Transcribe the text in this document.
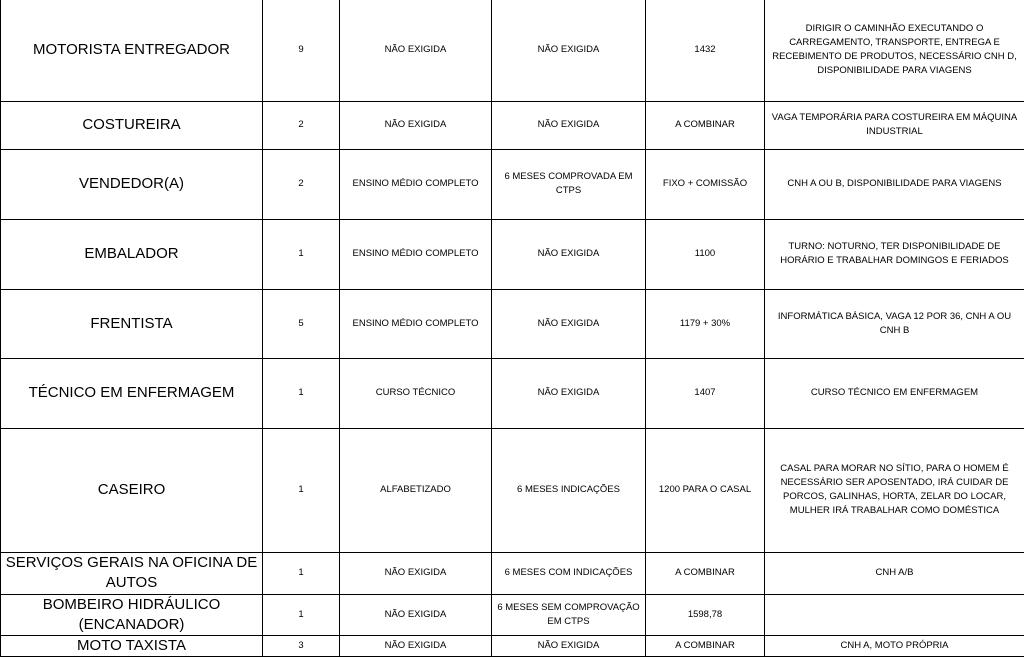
MOTORISTA ENTREGADOR	9	NÃO EXIGIDA	NÃO EXIGIDA	1432	DIRIGIR O CAMINHÃO EXECUTANDO O CARREGAMENTO, TRANSPORTE, ENTREGA E RECEBIMENTO DE PRODUTOS, NECESSÁRIO CNH D, DISPONIBILIDADE PARA VIAGENS
COSTUREIRA	2	NÃO EXIGIDA	NÃO EXIGIDA	A COMBINAR	VAGA TEMPORÁRIA PARA COSTUREIRA EM MÁQUINA INDUSTRIAL
VENDEDOR(A)	2	ENSINO MÉDIO COMPLETO	6 MESES COMPROVADA EM CTPS	FIXO + COMISSÃO	CNH A OU B, DISPONIBILIDADE PARA VIAGENS
EMBALADOR	1	ENSINO MÉDIO COMPLETO	NÃO EXIGIDA	1100	TURNO: NOTURNO, TER DISPONIBILIDADE DE HORÁRIO E TRABALHAR DOMINGOS E FERIADOS
FRENTISTA	5	ENSINO MÉDIO COMPLETO	NÃO EXIGIDA	1179 + 30%	INFORMÁTICA BÁSICA, VAGA 12 POR 36, CNH A OU CNH B
TÉCNICO EM ENFERMAGEM	1	CURSO TÉCNICO	NÃO EXIGIDA	1407	CURSO TÉCNICO EM ENFERMAGEM
CASEIRO	1	ALFABETIZADO	6 MESES INDICAÇÕES	1200 PARA O CASAL	CASAL PARA MORAR NO SÍTIO, PARA O HOMEM É NECESSÁRIO SER APOSENTADO, IRÁ CUIDAR DE PORCOS, GALINHAS, HORTA, ZELAR DO LOCAR, MULHER IRÁ TRABALHAR COMO DOMÉSTICA
SERVIÇOS GERAIS NA OFICINA DE AUTOS	1	NÃO EXIGIDA	6 MESES COM INDICAÇÕES	A COMBINAR	CNH A/B
BOMBEIRO HIDRÁULICO (ENCANADOR)	1	NÃO EXIGIDA	6 MESES SEM COMPROVAÇÃO EM CTPS	1598,78	
MOTO TAXISTA	3	NÃO EXIGIDA	NÃO EXIGIDA	A COMBINAR	CNH A, MOTO PRÓPRIA
